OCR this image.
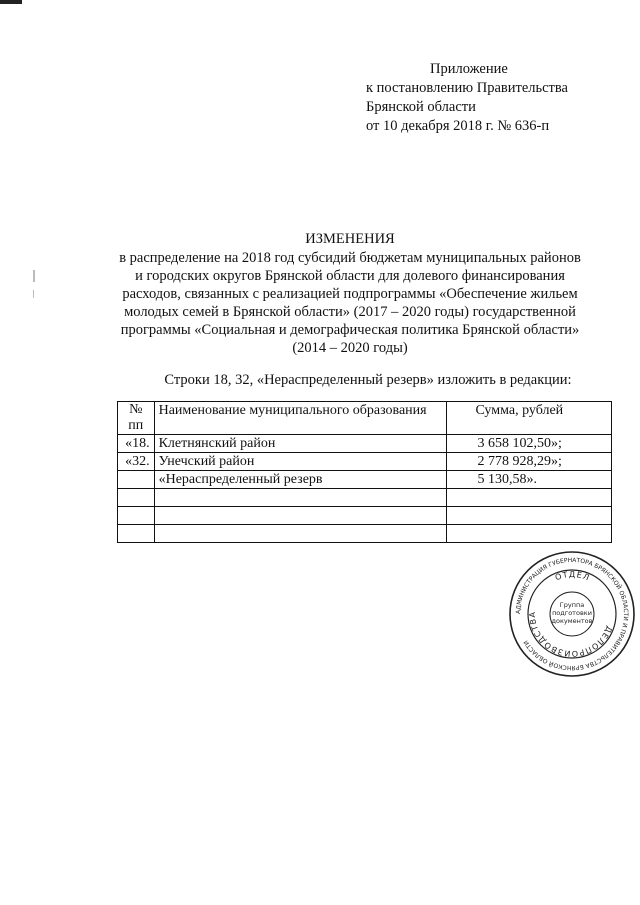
Приложение
к постановлению Правительства
Брянской области
от 10 декабря 2018 г. № 636-п
ИЗМЕНЕНИЯ
в распределение на 2018 год субсидий бюджетам муниципальных районов
и городских округов Брянской области для долевого финансирования
расходов, связанных с реализацией подпрограммы «Обеспечение жильем
молодых семей в Брянской области» (2017 – 2020 годы) государственной
программы «Социальная и демографическая политика Брянской области»
(2014 – 2020 годы)
Строки 18, 32, «Нераспределенный резерв» изложить в редакции:
№
пп	Наименование муниципального образования	Сумма, рублей
«18.	Клетнянский район	3 658 102,50»;
«32.	Унечский район	2 778 928,29»;
	«Нераспределенный резерв	5 130,58».

АДМИНИСТРАЦИЯ ГУБЕРНАТОРА БРЯНСКОЙ ОБЛАСТИ И ПРАВИТЕЛЬСТВА БРЯНСКОЙ ОБЛАСТИ
ОТДЕЛ
ДЕЛОПРОИЗВОДСТВА
Группа
подготовки
документов
